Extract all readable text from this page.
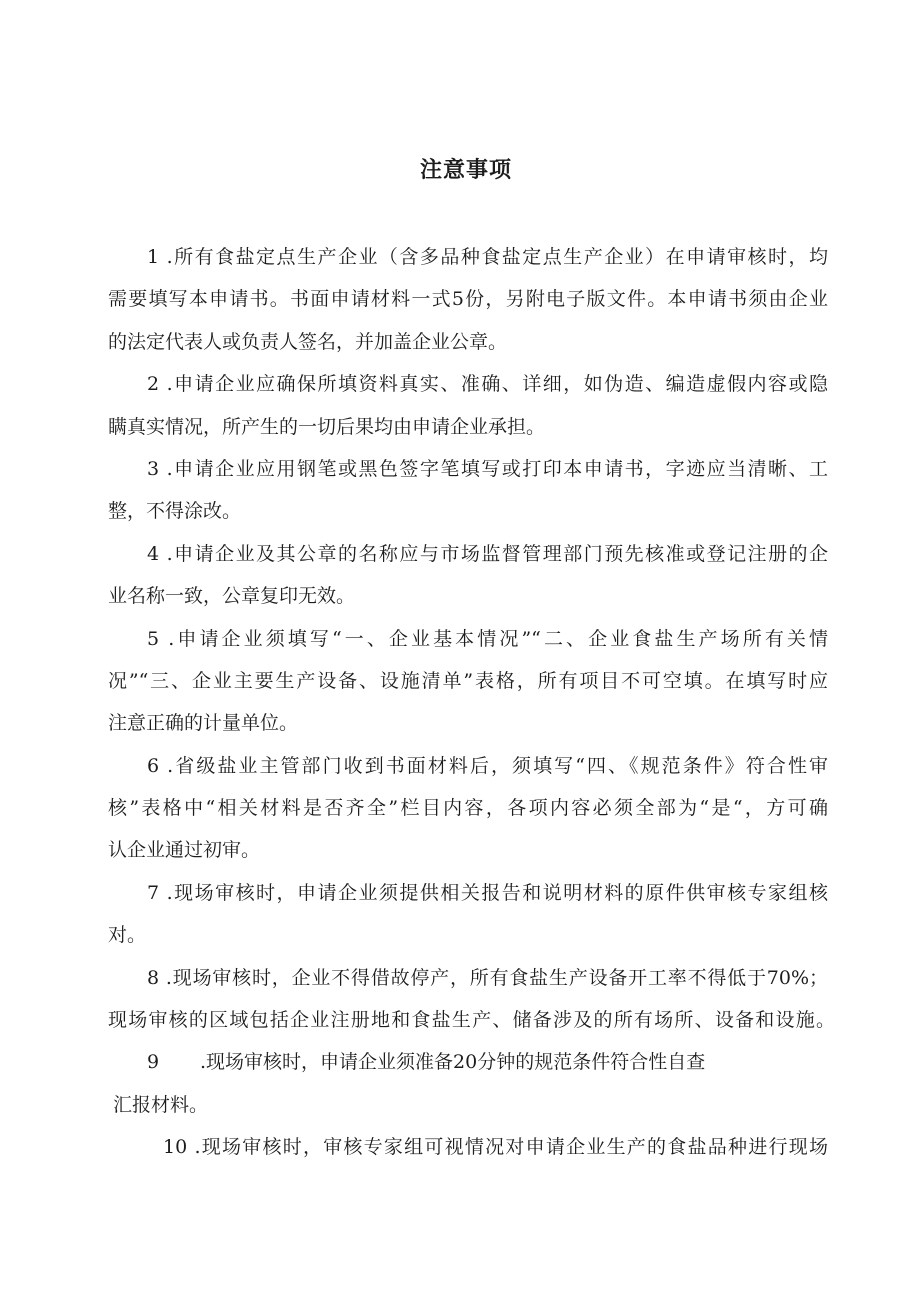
注意事项
1 .所有食盐定点生产企业（含多品种食盐定点生产企业）在申请审核时，均
需要填写本申请书。书面申请材料一式5份，另附电子版文件。本申请书须由企业
的法定代表人或负责人签名，并加盖企业公章。
2 .申请企业应确保所填资料真实、准确、详细，如伪造、编造虚假内容或隐
瞒真实情况，所产生的一切后果均由申请企业承担。
3 .申请企业应用钢笔或黑色签字笔填写或打印本申请书，字迹应当清晰、工
整，不得涂改。
4 .申请企业及其公章的名称应与市场监督管理部门预先核准或登记注册的企
业名称一致，公章复印无效。
5 .申请企业须填写“一、企业基本情况”“二、企业食盐生产场所有关情
况”“三、企业主要生产设备、设施清单”表格，所有项目不可空填。在填写时应
注意正确的计量单位。
6 .省级盐业主管部门收到书面材料后，须填写“四、《规范条件》符合性审
核”表格中“相关材料是否齐全”栏目内容，各项内容必须全部为“是“，方可确
认企业通过初审。
7 .现场审核时，申请企业须提供相关报告和说明材料的原件供审核专家组核
对。
8 .现场审核时，企业不得借故停产，所有食盐生产设备开工率不得低于70%；
现场审核的区域包括企业注册地和食盐生产、储备涉及的所有场所、设备和设施。
9 .现场审核时，申请企业须准备20分钟的规范条件符合性自查
汇报材料。
10 .现场审核时，审核专家组可视情况对申请企业生产的食盐品种进行现场
